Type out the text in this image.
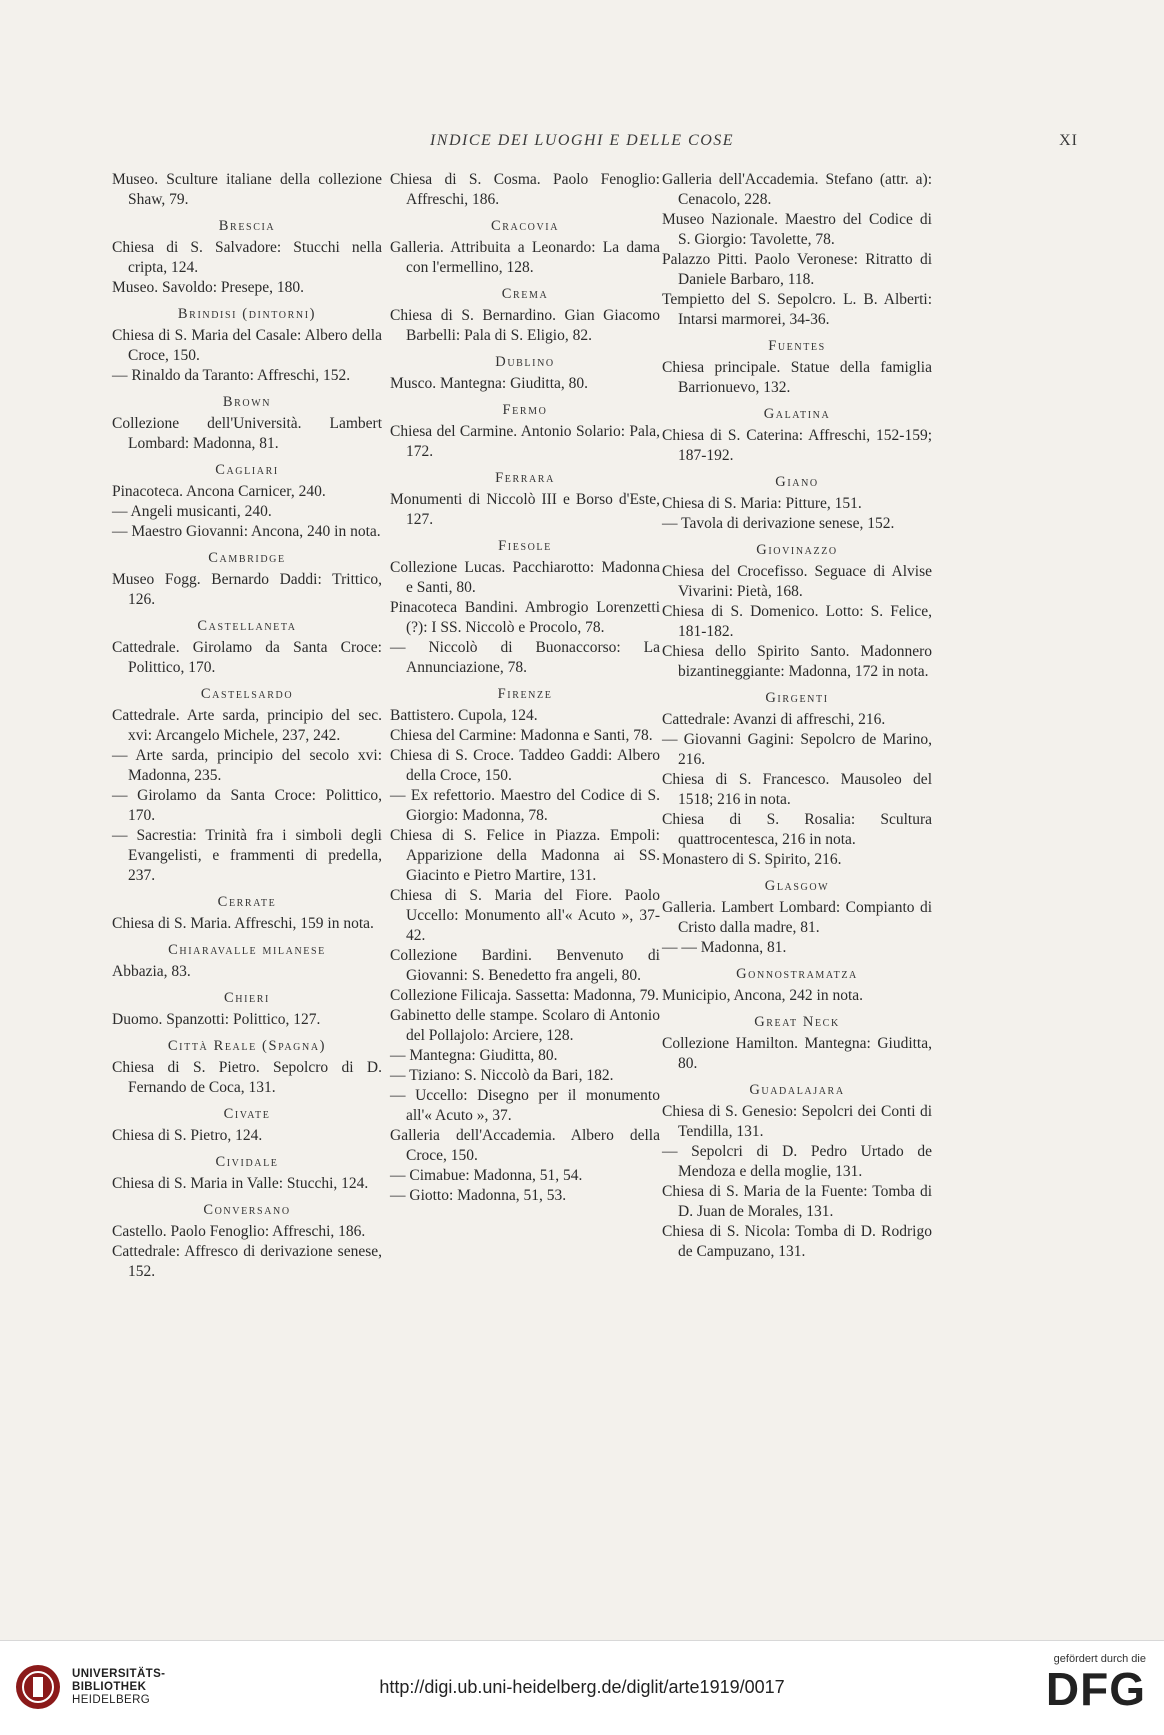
INDICE DEI LUOGHI E DELLE COSE	XI

Museo. Sculture italiane della collezione Shaw, 79.

Brescia

Chiesa di S. Salvadore: Stucchi nella cripta, 124.

Museo. Savoldo: Presepe, 180.

Brindisi (dintorni)

Chiesa di S. Maria del Casale: Albero della Croce, 150.

— Rinaldo da Taranto: Affreschi, 152.

Brown

Collezione dell'Università. Lambert Lombard: Madonna, 81.

Cagliari

Pinacoteca. Ancona Carnicer, 240.

— Angeli musicanti, 240.

— Maestro Giovanni: Ancona, 240 in nota.

Cambridge

Museo Fogg. Bernardo Daddi: Trittico, 126.

Castellaneta

Cattedrale. Girolamo da Santa Croce: Polittico, 170.

Castelsardo

Cattedrale. Arte sarda, principio del sec. xvi: Arcangelo Michele, 237, 242.

— Arte sarda, principio del secolo xvi: Madonna, 235.

— Girolamo da Santa Croce: Polittico, 170.

— Sacrestia: Trinità fra i simboli degli Evangelisti, e frammenti di predella, 237.

Cerrate

Chiesa di S. Maria. Affreschi, 159 in nota.

Chiaravalle milanese

Abbazia, 83.

Chieri

Duomo. Spanzotti: Polittico, 127.

Città Reale (Spagna)

Chiesa di S. Pietro. Sepolcro di D. Fernando de Coca, 131.

Civate

Chiesa di S. Pietro, 124.

Cividale

Chiesa di S. Maria in Valle: Stucchi, 124.

Conversano

Castello. Paolo Fenoglio: Affreschi, 186.

Cattedrale: Affresco di derivazione senese, 152.

Chiesa di S. Cosma. Paolo Fenoglio: Affreschi, 186.

Cracovia

Galleria. Attribuita a Leonardo: La dama con l'ermellino, 128.

Crema

Chiesa di S. Bernardino. Gian Giacomo Barbelli: Pala di S. Eligio, 82.

Dublino

Musco. Mantegna: Giuditta, 80.

Fermo

Chiesa del Carmine. Antonio Solario: Pala, 172.

Ferrara

Monumenti di Niccolò III e Borso d'Este, 127.

Fiesole

Collezione Lucas. Pacchiarotto: Madonna e Santi, 80.

Pinacoteca Bandini. Ambrogio Lorenzetti (?): I SS. Niccolò e Procolo, 78.

— Niccolò di Buonaccorso: La Annunciazione, 78.

Firenze

Battistero. Cupola, 124.

Chiesa del Carmine: Madonna e Santi, 78.

Chiesa di S. Croce. Taddeo Gaddi: Albero della Croce, 150.

— Ex refettorio. Maestro del Codice di S. Giorgio: Madonna, 78.

Chiesa di S. Felice in Piazza. Empoli: Apparizione della Madonna ai SS. Giacinto e Pietro Martire, 131.

Chiesa di S. Maria del Fiore. Paolo Uccello: Monumento all'« Acuto », 37-42.

Collezione Bardini. Benvenuto di Giovanni: S. Benedetto fra angeli, 80.

Collezione Filicaja. Sassetta: Madonna, 79.

Gabinetto delle stampe. Scolaro di Antonio del Pollajolo: Arciere, 128.

— Mantegna: Giuditta, 80.

— Tiziano: S. Niccolò da Bari, 182.

— Uccello: Disegno per il monumento all'« Acuto », 37.

Galleria dell'Accademia. Albero della Croce, 150.

— Cimabue: Madonna, 51, 54.

— Giotto: Madonna, 51, 53.

Galleria dell'Accademia. Stefano (attr. a): Cenacolo, 228.

Museo Nazionale. Maestro del Codice di S. Giorgio: Tavolette, 78.

Palazzo Pitti. Paolo Veronese: Ritratto di Daniele Barbaro, 118.

Tempietto del S. Sepolcro. L. B. Alberti: Intarsi marmorei, 34-36.

Fuentes

Chiesa principale. Statue della famiglia Barrionuevo, 132.

Galatina

Chiesa di S. Caterina: Affreschi, 152-159; 187-192.

Giano

Chiesa di S. Maria: Pitture, 151.

— Tavola di derivazione senese, 152.

Giovinazzo

Chiesa del Crocefisso. Seguace di Alvise Vivarini: Pietà, 168.

Chiesa di S. Domenico. Lotto: S. Felice, 181-182.

Chiesa dello Spirito Santo. Madonnero bizantineggiante: Madonna, 172 in nota.

Girgenti

Cattedrale: Avanzi di affreschi, 216.

— Giovanni Gagini: Sepolcro de Marino, 216.

Chiesa di S. Francesco. Mausoleo del 1518; 216 in nota.

Chiesa di S. Rosalia: Scultura quattrocentesca, 216 in nota.

Monastero di S. Spirito, 216.

Glasgow

Galleria. Lambert Lombard: Compianto di Cristo dalla madre, 81.

— — Madonna, 81.

Gonnostramatza

Municipio, Ancona, 242 in nota.

Great Neck

Collezione Hamilton. Mantegna: Giuditta, 80.

Guadalajara

Chiesa di S. Genesio: Sepolcri dei Conti di Tendilla, 131.

— Sepolcri di D. Pedro Urtado de Mendoza e della moglie, 131.

Chiesa di S. Maria de la Fuente: Tomba di D. Juan de Morales, 131.

Chiesa di S. Nicola: Tomba di D. Rodrigo de Campuzano, 131.

UNIVERSITÄTS-
BIBLIOTHEK
HEIDELBERG
http://digi.ub.uni-heidelberg.de/diglit/arte1919/0017
gefördert durch die
DFG
